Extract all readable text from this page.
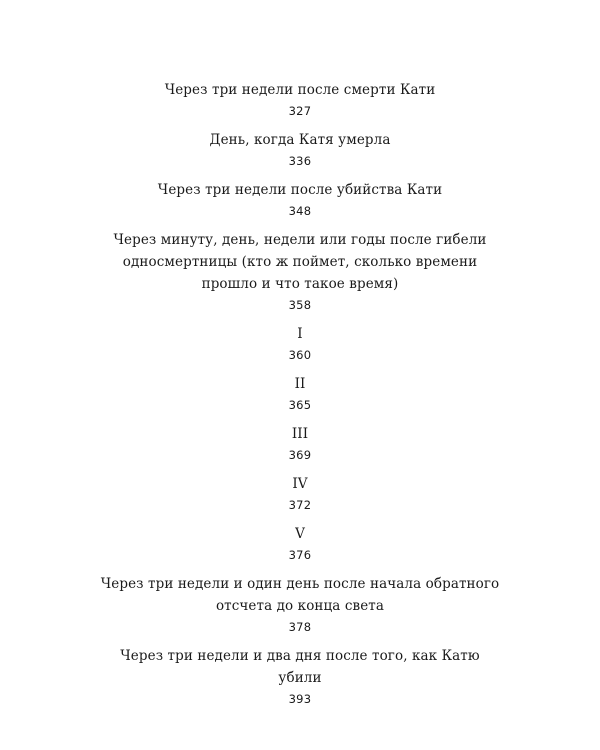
Через три недели после смерти Кати
327
День, когда Катя умерла
336
Через три недели после убийства Кати
348
Через минуту, день, недели или годы после гибели односмертницы (кто ж поймет, сколько времени прошло и что такое время)
358
I
360
II
365
III
369
IV
372
V
376
Через три недели и один день после начала обратного отсчета до конца света
378
Через три недели и два дня после того, как Катю убили
393
